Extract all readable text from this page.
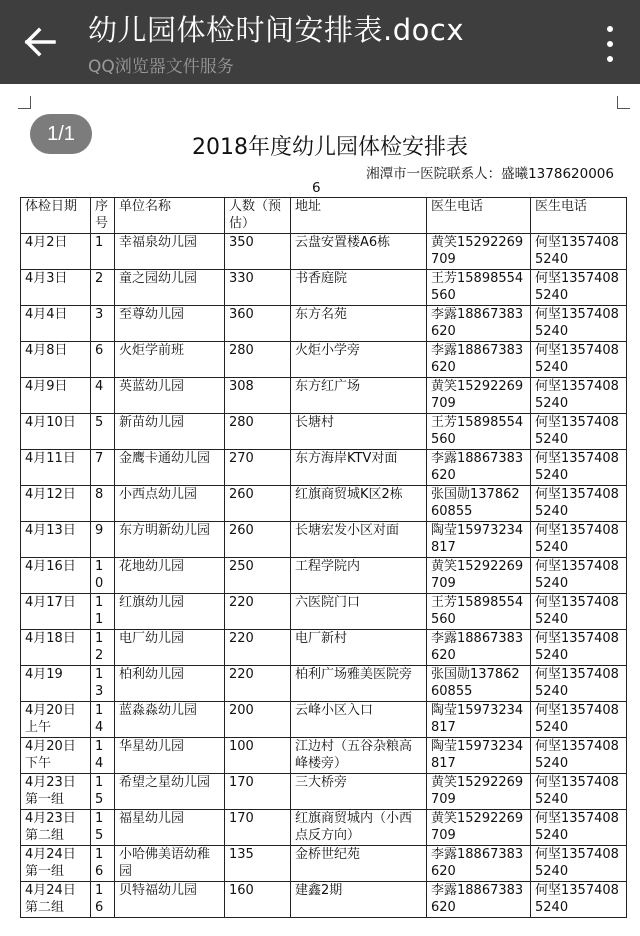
幼儿园体检时间安排表.docx
QQ浏览器文件服务
1/1
2018年度幼儿园体检安排表
湘潭市一医院联系人：盛曦1378620006
6
体检日期	序号	单位名称	人数（预估）	地址	医生电话	医生电话
4月2日	1	幸福泉幼儿园	350	云盘安置楼A6栋	黄笑15292269709	何坚13574085240
4月3日	2	童之园幼儿园	330	书香庭院	王芳15898554560	何坚13574085240
4月4日	3	至尊幼儿园	360	东方名苑	李露18867383620	何坚13574085240
4月8日	6	火炬学前班	280	火炬小学旁	李露18867383620	何坚13574085240
4月9日	4	英蓝幼儿园	308	东方红广场	黄笑15292269709	何坚13574085240
4月10日	5	新苗幼儿园	280	长塘村	王芳15898554560	何坚13574085240
4月11日	7	金鹰卡通幼儿园	270	东方海岸KTV对面	李露18867383620	何坚13574085240
4月12日	8	小西点幼儿园	260	红旗商贸城K区2栋	张国勋13786260855	何坚13574085240
4月13日	9	东方明新幼儿园	260	长塘宏发小区对面	陶莹15973234817	何坚13574085240
4月16日	10	花地幼儿园	250	工程学院内	黄笑15292269709	何坚13574085240
4月17日	11	红旗幼儿园	220	六医院门口	王芳15898554560	何坚13574085240
4月18日	12	电厂幼儿园	220	电厂新村	李露18867383620	何坚13574085240
4月19	13	柏利幼儿园	220	柏利广场雅美医院旁	张国勋13786260855	何坚13574085240
4月20日上午	14	蓝淼淼幼儿园	200	云峰小区入口	陶莹15973234817	何坚13574085240
4月20日下午	14	华星幼儿园	100	江边村（五谷杂粮高峰楼旁）	陶莹15973234817	何坚13574085240
4月23日第一组	15	希望之星幼儿园	170	三大桥旁	黄笑15292269709	何坚13574085240
4月23日第二组	15	福星幼儿园	170	红旗商贸城内（小西点反方向）	黄笑15292269709	何坚13574085240
4月24日第一组	16	小哈佛美语幼稚园	135	金桥世纪苑	李露18867383620	何坚13574085240
4月24日第二组	16	贝特福幼儿园	160	建鑫2期	李露18867383620	何坚13574085240
